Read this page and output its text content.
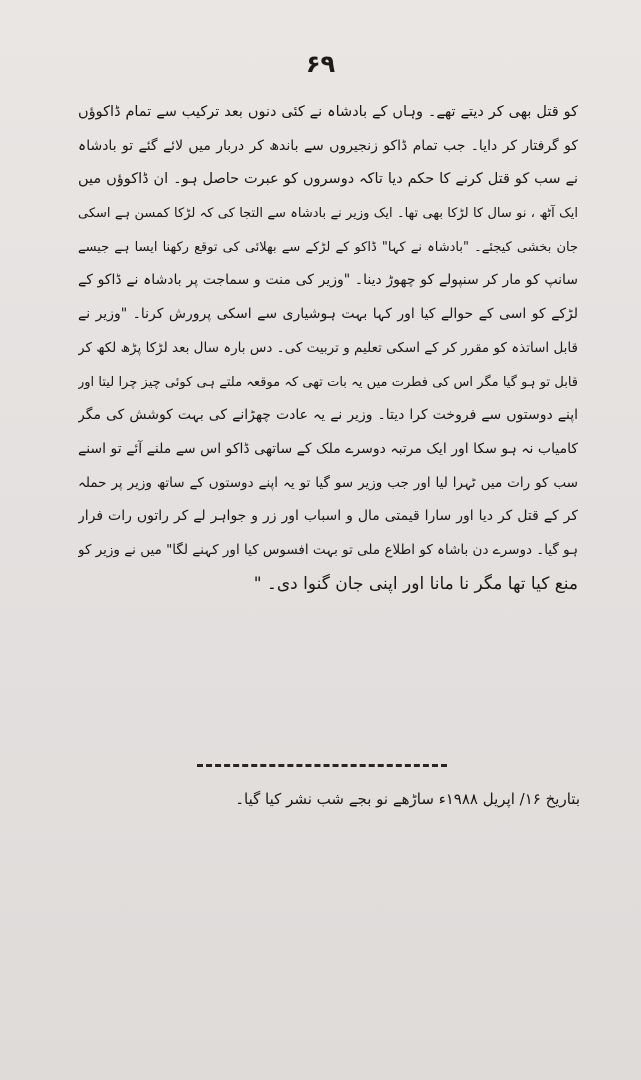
۶۹
کو قتل بھی کر دیتے تھے۔ وہاں کے بادشاہ نے کئی دنوں بعد ترکیب سے تمام ڈاکوؤں
کو گرفتار کر دایا۔ جب تمام ڈاکو زنجیروں سے باندھ کر دربار میں لائے گئے تو بادشاہ
نے سب کو قتل کرنے کا حکم دیا تاکہ دوسروں کو عبرت حاصل ہو۔ ان ڈاکوؤں میں
ایک آٹھ ، نو سال کا لڑکا بھی تھا۔ ایک وزیر نے بادشاہ سے التجا کی کہ لڑکا کمسن ہے اسکی
جان بخشی کیجئے۔ "بادشاہ نے کہا" ڈاکو کے لڑکے سے بھلائی کی توقع رکھنا ایسا ہے جیسے
سانپ کو مار کر سنپولے کو چھوڑ دینا۔ "وزیر کی منت و سماجت پر بادشاہ نے ڈاکو کے
لڑکے کو اسی کے حوالے کیا اور کہا بہت ہوشیاری سے اسکی پرورش کرنا۔ "وزیر نے
قابل اساتذہ کو مقرر کر کے اسکی تعلیم و تربیت کی۔ دس بارہ سال بعد لڑکا پڑھ لکھ کر
قابل تو ہو گیا مگر اس کی فطرت میں یہ بات تھی کہ موقعہ ملتے ہی کوئی چیز چرا لیتا اور
اپنے دوستوں سے فروخت کرا دیتا۔ وزیر نے یہ عادت چھڑانے کی بہت کوشش کی مگر
کامیاب نہ ہو سکا اور ایک مرتبہ دوسرے ملک کے ساتھی ڈاکو اس سے ملنے آئے تو اسنے
سب کو رات میں ٹہرا لیا اور جب وزیر سو گیا تو یہ اپنے دوستوں کے ساتھ وزیر پر حملہ
کر کے قتل کر دیا اور سارا قیمتی مال و اسباب اور زر و جواہر لے کر راتوں رات فرار
ہو گیا۔ دوسرے دن باشاہ کو اطلاع ملی تو بہت افسوس کیا اور کہنے لگا" میں نے وزیر کو
منع کیا تھا مگر نا مانا اور اپنی جان گنوا دی۔ "
بتاریخ ۱۶/ اپریل ۱۹۸۸ء ساڑھے نو بجے شب نشر کیا گیا۔
